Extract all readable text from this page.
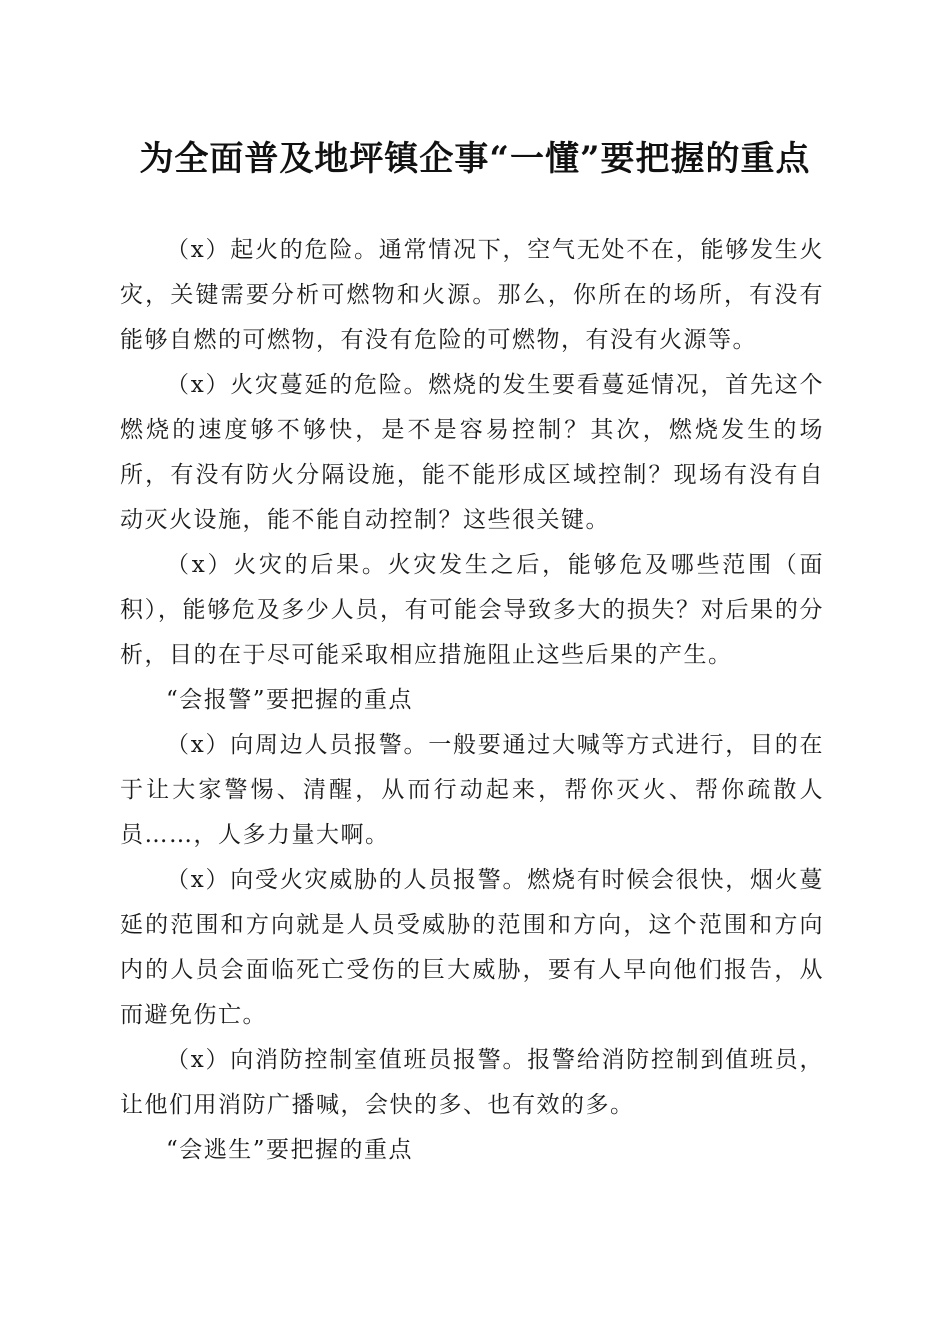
为全面普及地坪镇企事“一懂”要把握的重点

（x）起火的危险。通常情况下，空气无处不在，能够发生火灾，关键需要分析可燃物和火源。那么，你所在的场所，有没有能够自燃的可燃物，有没有危险的可燃物，有没有火源等。

（x）火灾蔓延的危险。燃烧的发生要看蔓延情况，首先这个燃烧的速度够不够快，是不是容易控制？其次，燃烧发生的场所，有没有防火分隔设施，能不能形成区域控制？现场有没有自动灭火设施，能不能自动控制？这些很关键。

（x）火灾的后果。火灾发生之后，能够危及哪些范围（面积），能够危及多少人员，有可能会导致多大的损失？对后果的分析，目的在于尽可能采取相应措施阻止这些后果的产生。

“会报警”要把握的重点

（x）向周边人员报警。一般要通过大喊等方式进行，目的在于让大家警惕、清醒，从而行动起来，帮你灭火、帮你疏散人员……，人多力量大啊。

（x）向受火灾威胁的人员报警。燃烧有时候会很快，烟火蔓延的范围和方向就是人员受威胁的范围和方向，这个范围和方向内的人员会面临死亡受伤的巨大威胁，要有人早向他们报告，从而避免伤亡。

（x）向消防控制室值班员报警。报警给消防控制到值班员，让他们用消防广播喊，会快的多、也有效的多。

“会逃生”要把握的重点
